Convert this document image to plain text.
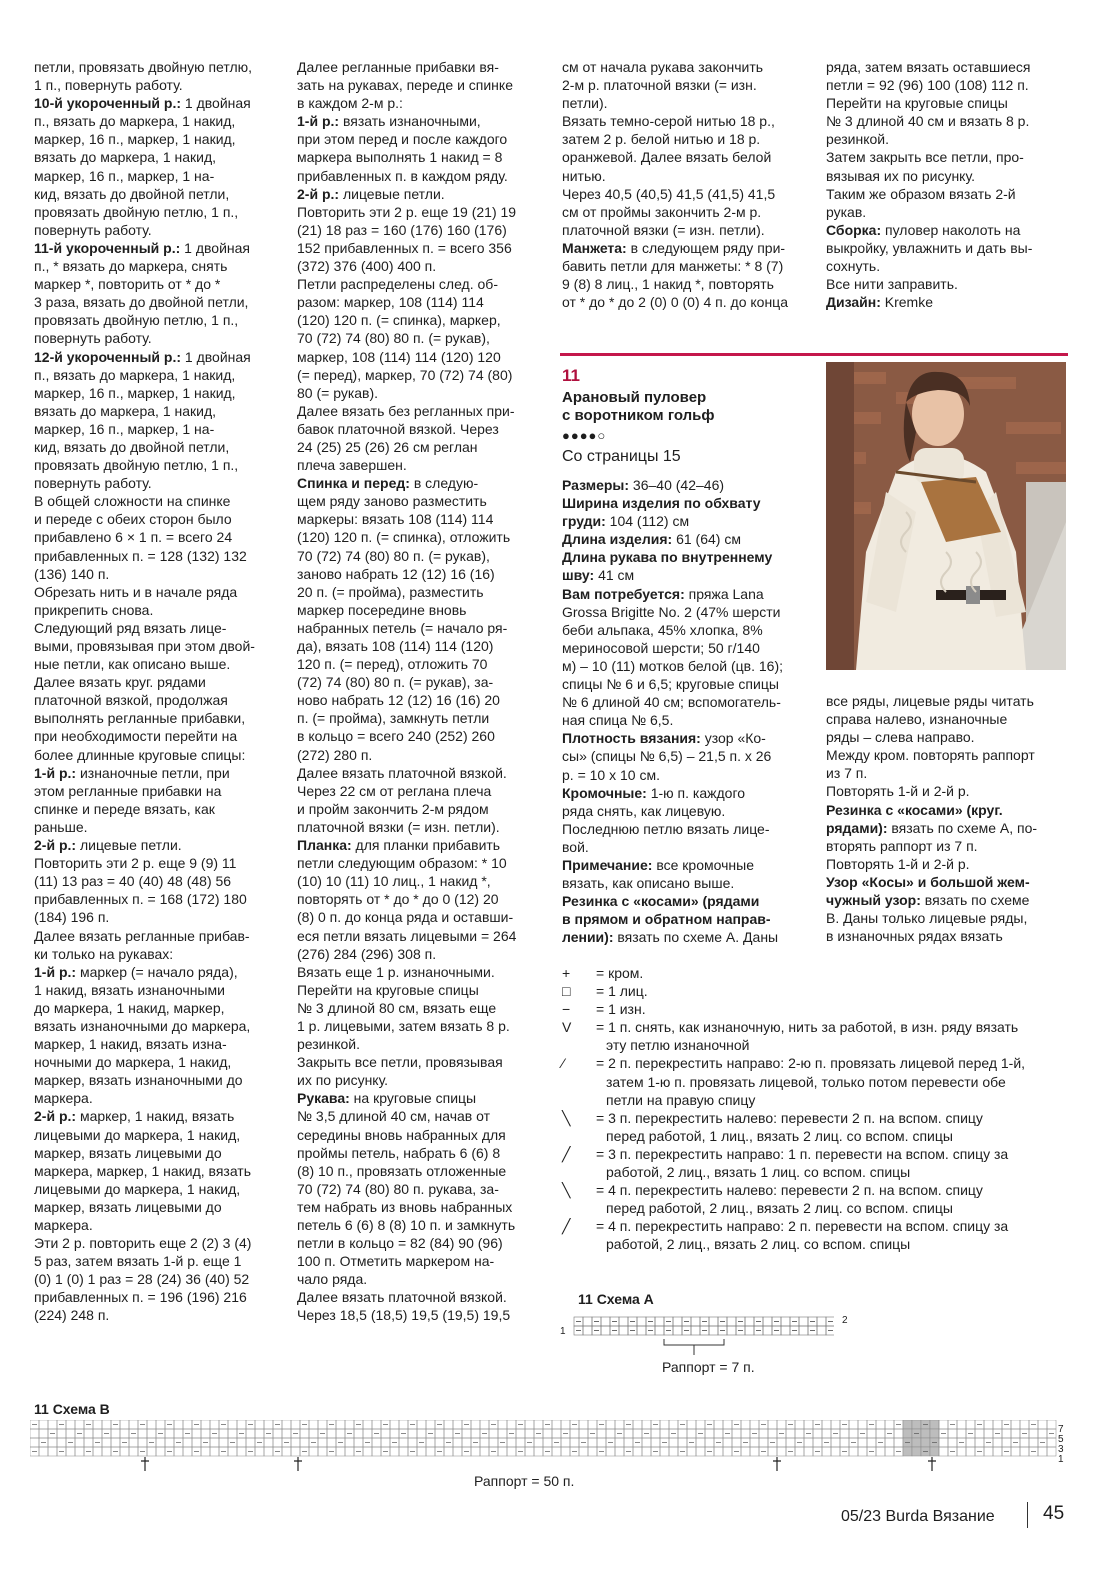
петли, провязать двойную петлю,

1 п., повернуть работу.

10-й укороченный р.: 1 двойная

п., вязать до маркера, 1 накид,

маркер, 16 п., маркер, 1 накид,

вязать до маркера, 1 накид,

маркер, 16 п., маркер, 1 на-

кид, вязать до двойной петли,

провязать двойную петлю, 1 п.,

повернуть работу.

11-й укороченный р.: 1 двойная

п., * вязать до маркера, снять

маркер *, повторить от * до *

3 раза, вязать до двойной петли,

провязать двойную петлю, 1 п.,

повернуть работу.

12-й укороченный р.: 1 двойная

п., вязать до маркера, 1 накид,

маркер, 16 п., маркер, 1 накид,

вязать до маркера, 1 накид,

маркер, 16 п., маркер, 1 на-

кид, вязать до двойной петли,

провязать двойную петлю, 1 п.,

повернуть работу.

В общей сложности на спинке

и переде с обеих сторон было

прибавлено 6 × 1 п. = всего 24

прибавленных п. = 128 (132) 132

(136) 140 п.

Обрезать нить и в начале ряда

прикрепить снова.

Следующий ряд вязать лице-

выми, провязывая при этом двой-

ные петли, как описано выше.

Далее вязать круг. рядами

платочной вязкой, продолжая

выполнять регланные прибавки,

при необходимости перейти на

более длинные круговые спицы:

1-й р.: изнаночные петли, при

этом регланные прибавки на

спинке и переде вязать, как

раньше.

2-й р.: лицевые петли.

Повторить эти 2 р. еще 9 (9) 11

(11) 13 раз = 40 (40) 48 (48) 56

прибавленных п. = 168 (172) 180

(184) 196 п.

Далее вязать регланные прибав-

ки только на рукавах:

1-й р.: маркер (= начало ряда),

1 накид, вязать изнаночными

до маркера, 1 накид, маркер,

вязать изнаночными до маркера,

маркер, 1 накид, вязать изна-

ночными до маркера, 1 накид,

маркер, вязать изнаночными до

маркера.

2-й р.: маркер, 1 накид, вязать

лицевыми до маркера, 1 накид,

маркер, вязать лицевыми до

маркера, маркер, 1 накид, вязать

лицевыми до маркера, 1 накид,

маркер, вязать лицевыми до

маркера.

Эти 2 р. повторить еще 2 (2) 3 (4)

5 раз, затем вязать 1-й р. еще 1

(0) 1 (0) 1 раз = 28 (24) 36 (40) 52

прибавленных п. = 196 (196) 216

(224) 248 п.

Далее регланные прибавки вя-

зать на рукавах, переде и спинке

в каждом 2-м р.:

1-й р.: вязать изнаночными,

при этом перед и после каждого

маркера выполнять 1 накид = 8

прибавленных п. в каждом ряду.

2-й р.: лицевые петли.

Повторить эти 2 р. еще 19 (21) 19

(21) 18 раз = 160 (176) 160 (176)

152 прибавленных п. = всего 356

(372) 376 (400) 400 п.

Петли распределены след. об-

разом: маркер, 108 (114) 114

(120) 120 п. (= спинка), маркер,

70 (72) 74 (80) 80 п. (= рукав),

маркер, 108 (114) 114 (120) 120

(= перед), маркер, 70 (72) 74 (80)

80 (= рукав).

Далее вязать без регланных при-

бавок платочной вязкой. Через

24 (25) 25 (26) 26 см реглан

плеча завершен.

Спинка и перед: в следую-

щем ряду заново разместить

маркеры: вязать 108 (114) 114

(120) 120 п. (= спинка), отложить

70 (72) 74 (80) 80 п. (= рукав),

заново набрать 12 (12) 16 (16)

20 п. (= пройма), разместить

маркер посередине вновь

набранных петель (= начало ря-

да), вязать 108 (114) 114 (120)

120 п. (= перед), отложить 70

(72) 74 (80) 80 п. (= рукав), за-

ново набрать 12 (12) 16 (16) 20

п. (= пройма), замкнуть петли

в кольцо = всего 240 (252) 260

(272) 280 п.

Далее вязать платочной вязкой.

Через 22 см от реглана плеча

и пройм закончить 2-м рядом

платочной вязки (= изн. петли).

Планка: для планки прибавить

петли следующим образом: * 10

(10) 10 (11) 10 лиц., 1 накид *,

повторять от * до * до 0 (12) 20

(8) 0 п. до конца ряда и оставши-

еся петли вязать лицевыми = 264

(276) 284 (296) 308 п.

Вязать еще 1 р. изнаночными.

Перейти на круговые спицы

№ 3 длиной 80 см, вязать еще

1 р. лицевыми, затем вязать 8 р.

резинкой.

Закрыть все петли, провязывая

их по рисунку.

Рукава: на круговые спицы

№ 3,5 длиной 40 см, начав от

середины вновь набранных для

проймы петель, набрать 6 (6) 8

(8) 10 п., провязать отложенные

70 (72) 74 (80) 80 п. рукава, за-

тем набрать из вновь набранных

петель 6 (6) 8 (8) 10 п. и замкнуть

петли в кольцо = 82 (84) 90 (96)

100 п. Отметить маркером на-

чало ряда.

Далее вязать платочной вязкой.

Через 18,5 (18,5) 19,5 (19,5) 19,5

см от начала рукава закончить

2-м р. платочной вязки (= изн.

петли).

Вязать темно-серой нитью 18 р.,

затем 2 р. белой нитью и 18 р.

оранжевой. Далее вязать белой

нитью.

Через 40,5 (40,5) 41,5 (41,5) 41,5

см от проймы закончить 2-м р.

платочной вязки (= изн. петли).

Манжета: в следующем ряду при-

бавить петли для манжеты: * 8 (7)

9 (8) 8 лиц., 1 накид *, повторять

от * до * до 2 (0) 0 (0) 4 п. до конца

ряда, затем вязать оставшиеся

петли = 92 (96) 100 (108) 112 п.

Перейти на круговые спицы

№ 3 длиной 40 см и вязать 8 р.

резинкой.

Затем закрыть все петли, про-

вязывая их по рисунку.

Таким же образом вязать 2-й

рукав.

Сборка: пуловер наколоть на

выкройку, увлажнить и дать вы-

сохнуть.

Все нити заправить.

Дизайн: Kremke

11
Арановый пуловер
с воротником гольф
●●●●○
Со страницы 15

Размеры: 36–40 (42–46)

Ширина изделия по обхвату

груди: 104 (112) см

Длина изделия: 61 (64) см

Длина рукава по внутреннему

шву: 41 см

Вам потребуется: пряжа Lana

Grossa Brigitte No. 2 (47% шерсти

беби альпака, 45% хлопка, 8%

мериносовой шерсти; 50 г/140

м) – 10 (11) мотков белой (цв. 16);

спицы № 6 и 6,5; круговые спицы

№ 6 длиной 40 см; вспомогатель-

ная спица № 6,5.

Плотность вязания: узор «Ко-

сы» (спицы № 6,5) – 21,5 п. х 26

р. = 10 х 10 см.

Кромочные: 1-ю п. каждого

ряда снять, как лицевую.

Последнюю петлю вязать лице-

вой.

Примечание: все кромочные

вязать, как описано выше.

Резинка с «косами» (рядами

в прямом и обратном направ-

лении): вязать по схеме А. Даны

все ряды, лицевые ряды читать

справа налево, изнаночные

ряды – слева направо.

Между кром. повторять раппорт

из 7 п.

Повторять 1-й и 2-й р.

Резинка с «косами» (круг.

рядами): вязать по схеме А, по-

вторять раппорт из 7 п.

Повторять 1-й и 2-й р.

Узор «Косы» и большой жем-

чужный узор: вязать по схеме

В. Даны только лицевые ряды,

в изнаночных рядах вязать

+ = кром.
□ = 1 лиц.
− = 1 изн.
V = 1 п. снять, как изнаночную, нить за работой, в изн. ряду вязать
эту петлю изнаночной
⁄ = 2 п. перекрестить направо: 2-ю п. провязать лицевой перед 1-й,
затем 1-ю п. провязать лицевой, только потом перевести обе
петли на правую спицу
╲ = 3 п. перекрестить налево: перевести 2 п. на вспом. спицу
перед работой, 1 лиц., вязать 2 лиц. со вспом. спицы
╱ = 3 п. перекрестить направо: 1 п. перевести на вспом. спицу за
работой, 2 лиц., вязать 1 лиц. со вспом. спицы
╲ = 4 п. перекрестить налево: перевести 2 п. на вспом. спицу
перед работой, 2 лиц., вязать 2 лиц. со вспом. спицы
╱ = 4 п. перекрестить направо: 2 п. перевести на вспом. спицу за
работой, 2 лиц., вязать 2 лиц. со вспом. спицы
11 Схема А
1
2
Раппорт = 7 п.
11 Схема В
7
5
3
1
Раппорт = 50 п.
05/23 Burda Вязание	45
